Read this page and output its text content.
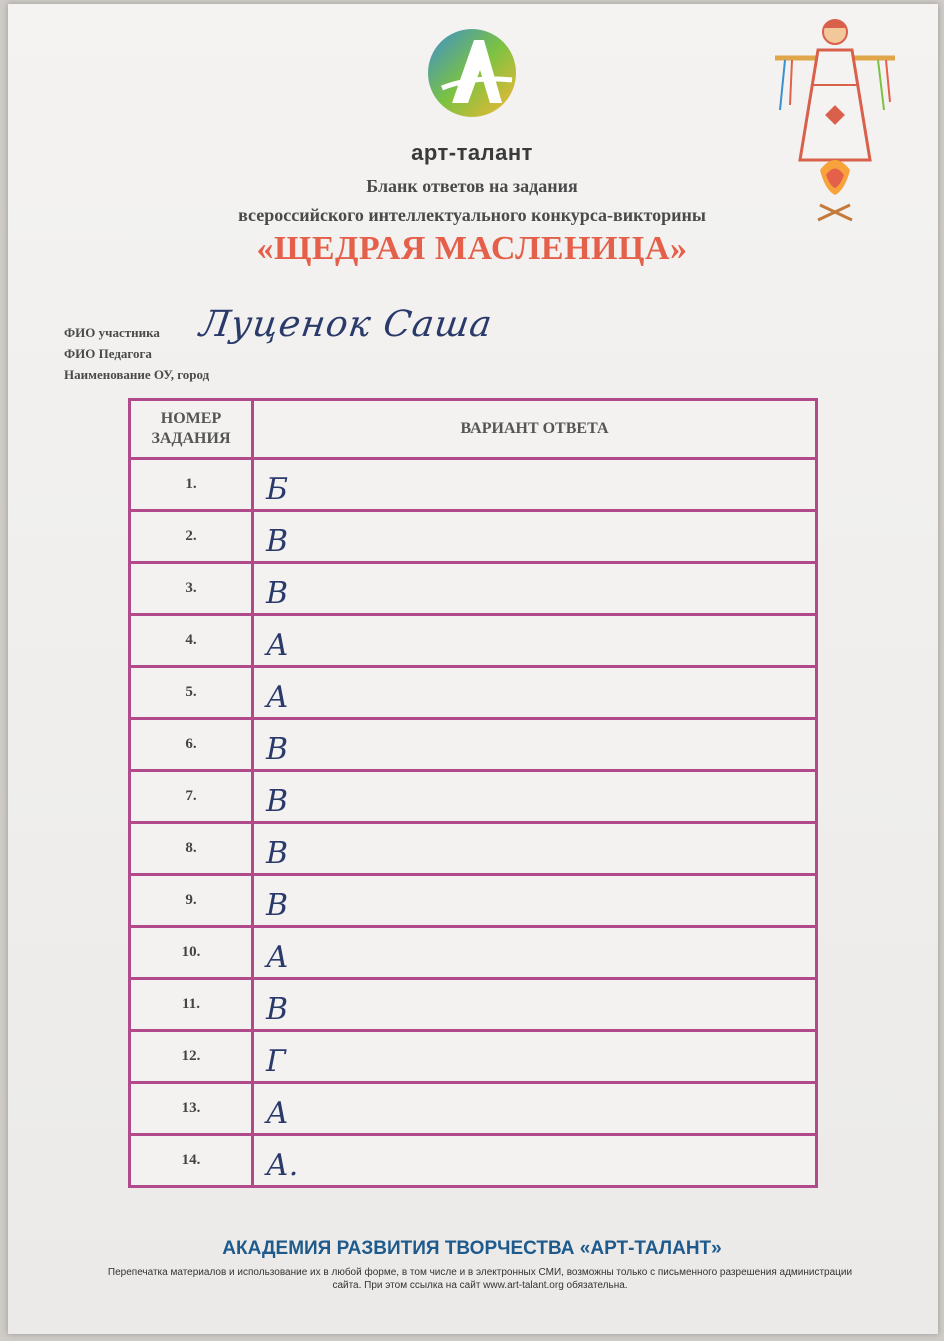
арт-талант
Бланк ответов на задания
всероссийского интеллектуального конкурса-викторины
«ЩЕДРАЯ МАСЛЕНИЦА»
ФИО участника
ФИО Педагога
Наименование ОУ, город
Луценок Саша
НОМЕР ЗАДАНИЯ	ВАРИАНТ ОТВЕТА
1.	Б
2.	В
3.	В
4.	А
5.	А
6.	В
7.	В
8.	В
9.	В
10.	А
11.	В
12.	Г
13.	А
14.	А.
АКАДЕМИЯ РАЗВИТИЯ ТВОРЧЕСТВА «АРТ-ТАЛАНТ»
Перепечатка материалов и использование их в любой форме, в том числе и в электронных СМИ, возможны только с письменного разрешения администрации сайта. При этом ссылка на сайт www.art-talant.org обязательна.
